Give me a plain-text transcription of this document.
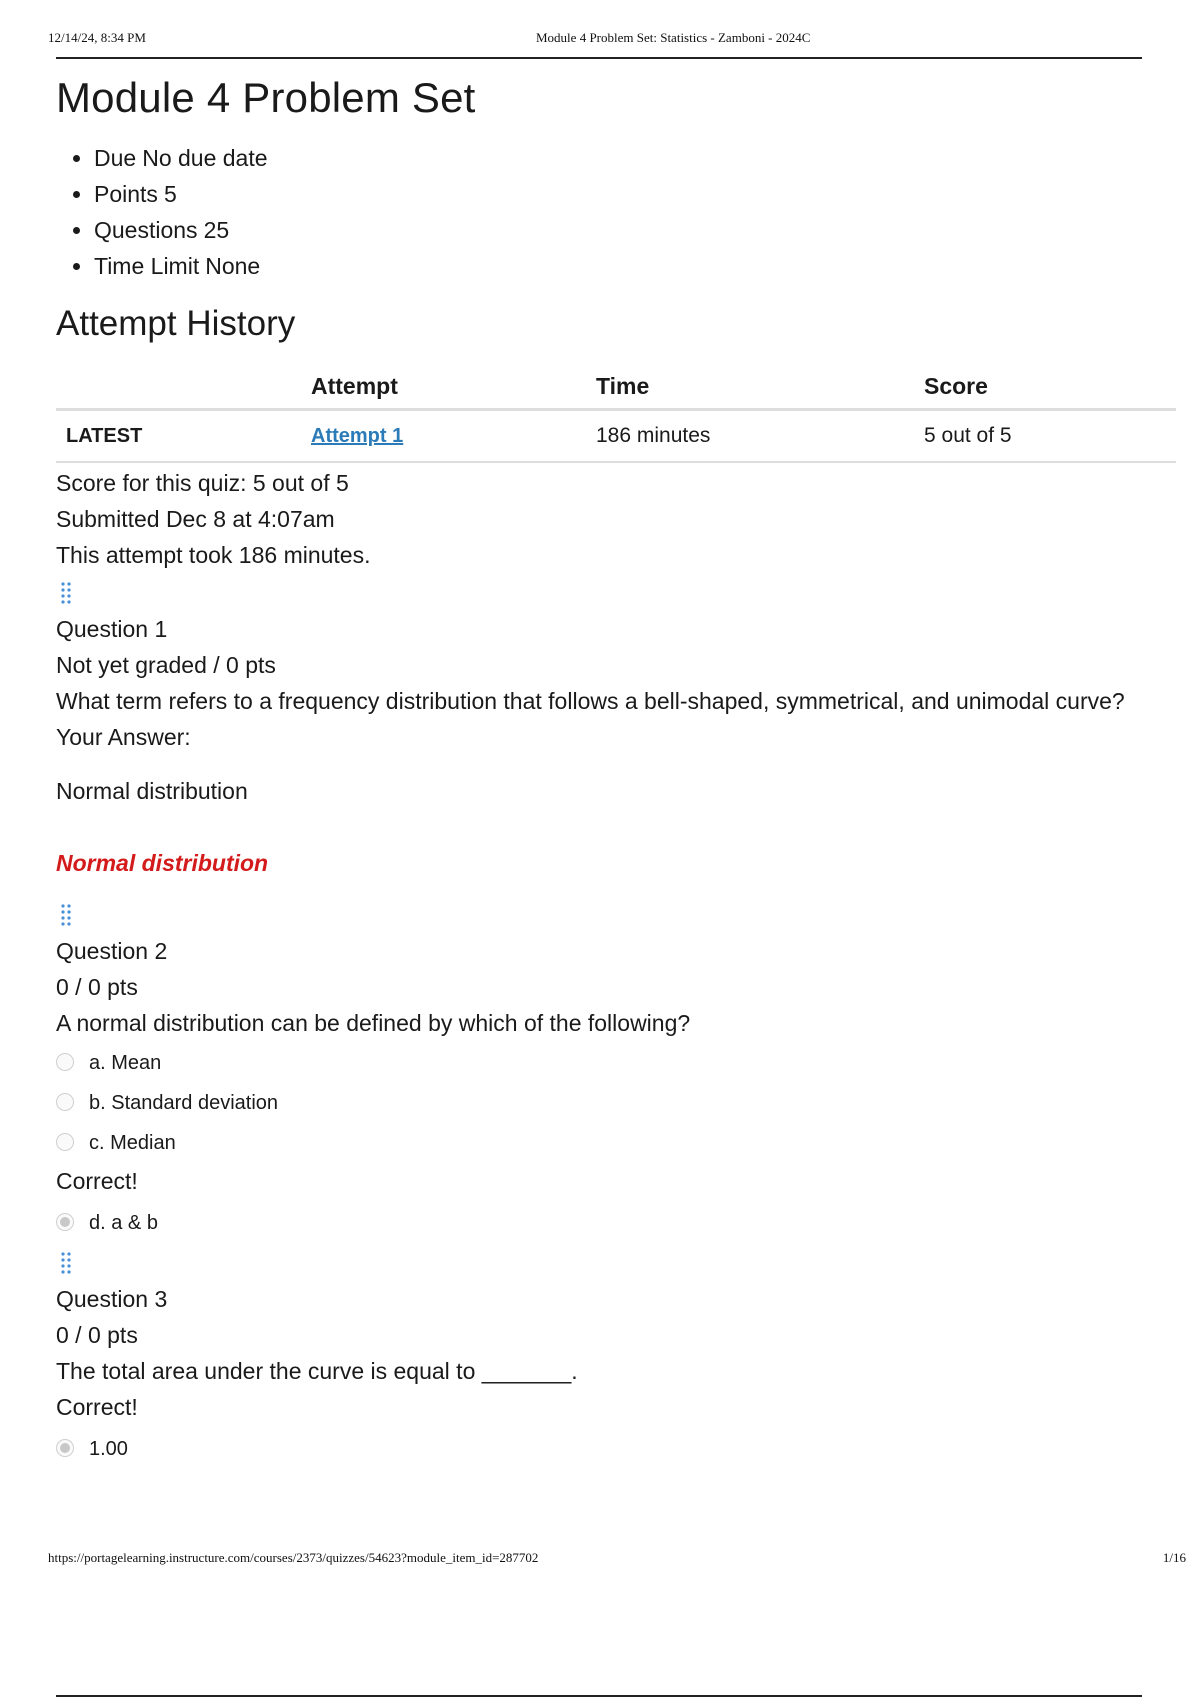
12/14/24, 8:34 PM	Module 4 Problem Set: Statistics - Zamboni - 2024C
Module 4 Problem Set
• Due No due date
• Points 5
• Questions 25
• Time Limit None
Attempt History
	Attempt	Time	Score
LATEST	Attempt 1	186 minutes	5 out of 5
Score for this quiz: 5 out of 5
Submitted Dec 8 at 4:07am
This attempt took 186 minutes.
Question 1
Not yet graded / 0 pts
What term refers to a frequency distribution that follows a bell-shaped, symmetrical, and unimodal curve?
Your Answer:
Normal distribution
Normal distribution
Question 2
0 / 0 pts
A normal distribution can be defined by which of the following?
a. Mean
b. Standard deviation
c. Median
Correct!
d. a & b
Question 3
0 / 0 pts
The total area under the curve is equal to _______.
Correct!
1.00
https://portagelearning.instructure.com/courses/2373/quizzes/54623?module_item_id=287702	1/16
